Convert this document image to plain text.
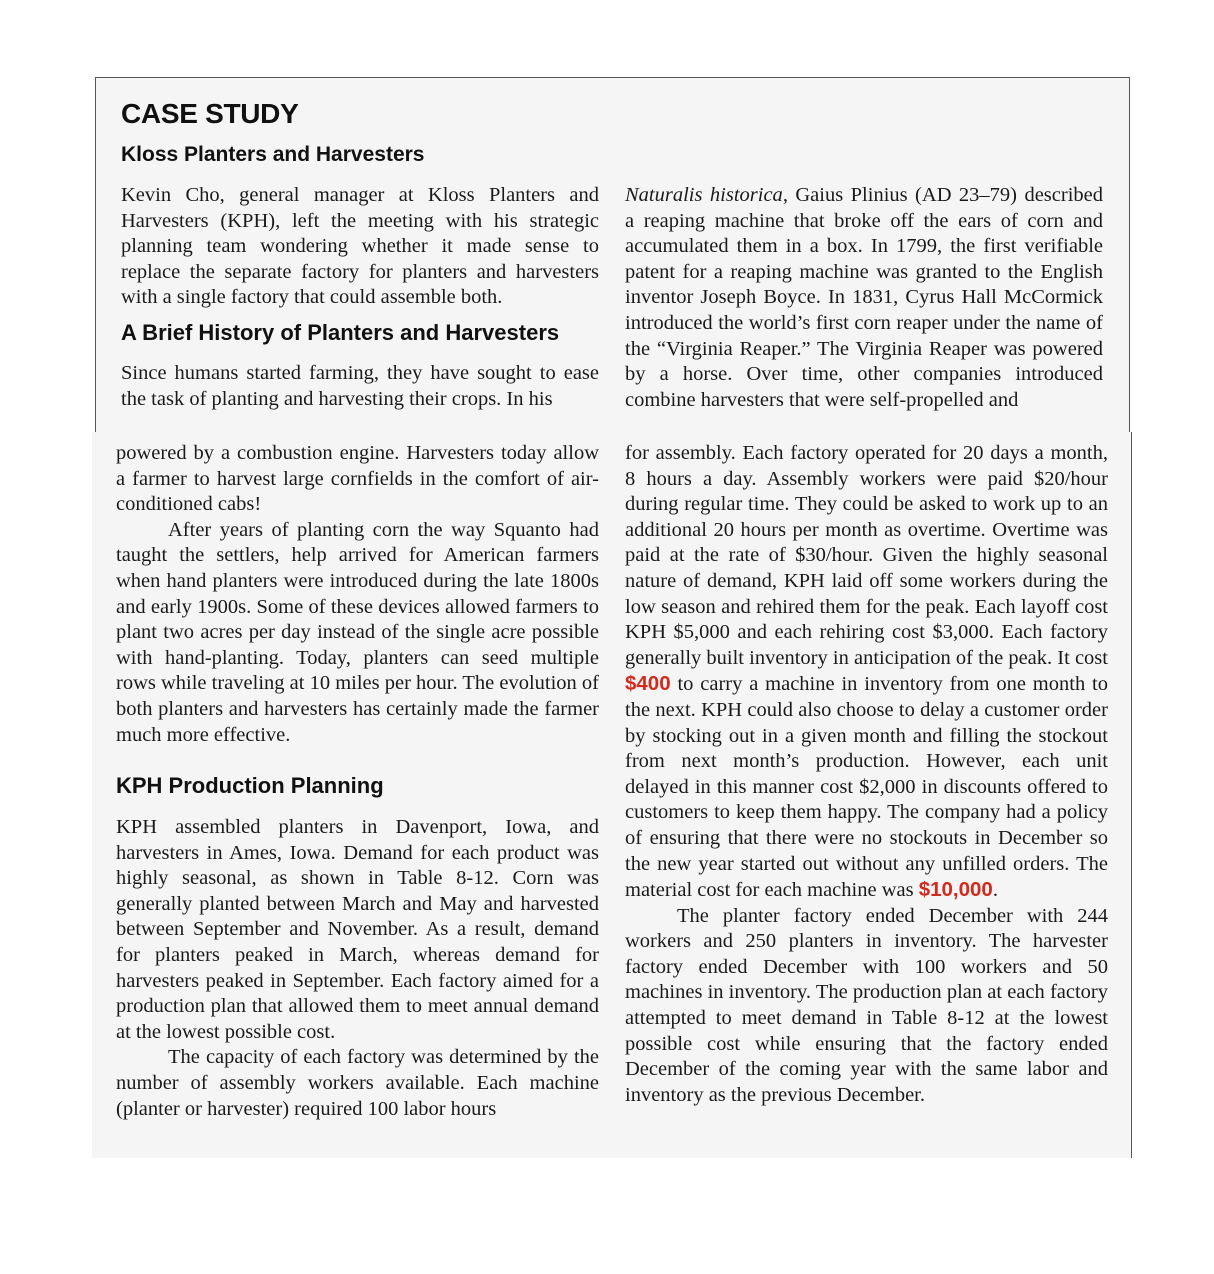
CASE STUDY
Kloss Planters and Harvesters

Kevin Cho, general manager at Kloss Planters and Harvesters (KPH), left the meeting with his strategic planning team wondering whether it made sense to replace the separate factory for planters and harvesters with a single factory that could assemble both.

A Brief History of Planters and Harvesters

Since humans started farming, they have sought to ease the task of planting and harvesting their crops. In his

Naturalis historica, Gaius Plinius (AD 23–79) described a reaping machine that broke off the ears of corn and accumulated them in a box. In 1799, the first verifiable patent for a reaping machine was granted to the English inventor Joseph Boyce. In 1831, Cyrus Hall McCormick introduced the world’s first corn reaper under the name of the “Virginia Reaper.” The Virginia Reaper was powered by a horse. Over time, other companies introduced combine harvesters that were self-propelled and

powered by a combustion engine. Harvesters today allow a farmer to harvest large cornfields in the comfort of air-conditioned cabs!

After years of planting corn the way Squanto had taught the settlers, help arrived for American farmers when hand planters were introduced during the late 1800s and early 1900s. Some of these devices allowed farmers to plant two acres per day instead of the single acre possible with hand-planting. Today, planters can seed multiple rows while traveling at 10 miles per hour. The evolution of both planters and harvesters has certainly made the farmer much more effective.

KPH Production Planning

KPH assembled planters in Davenport, Iowa, and harvesters in Ames, Iowa. Demand for each product was highly seasonal, as shown in Table 8-12. Corn was generally planted between March and May and harvested between September and November. As a result, demand for planters peaked in March, whereas demand for harvesters peaked in September. Each factory aimed for a production plan that allowed them to meet annual demand at the lowest possible cost.

The capacity of each factory was determined by the number of assembly workers available. Each machine (planter or harvester) required 100 labor hours

for assembly. Each factory operated for 20 days a month, 8 hours a day. Assembly workers were paid $20/hour during regular time. They could be asked to work up to an additional 20 hours per month as overtime. Overtime was paid at the rate of $30/hour. Given the highly seasonal nature of demand, KPH laid off some workers during the low season and rehired them for the peak. Each layoff cost KPH $5,000 and each rehiring cost $3,000. Each factory generally built inventory in anticipation of the peak. It cost $400 to carry a machine in inventory from one month to the next. KPH could also choose to delay a customer order by stocking out in a given month and filling the stockout from next month’s production. However, each unit delayed in this manner cost $2,000 in discounts offered to customers to keep them happy. The company had a policy of ensuring that there were no stockouts in December so the new year started out without any unfilled orders. The material cost for each machine was $10,000.

The planter factory ended December with 244 workers and 250 planters in inventory. The harvester factory ended December with 100 workers and 50 machines in inventory. The production plan at each factory attempted to meet demand in Table 8-12 at the lowest possible cost while ensuring that the factory ended December of the coming year with the same labor and inventory as the previous December.
